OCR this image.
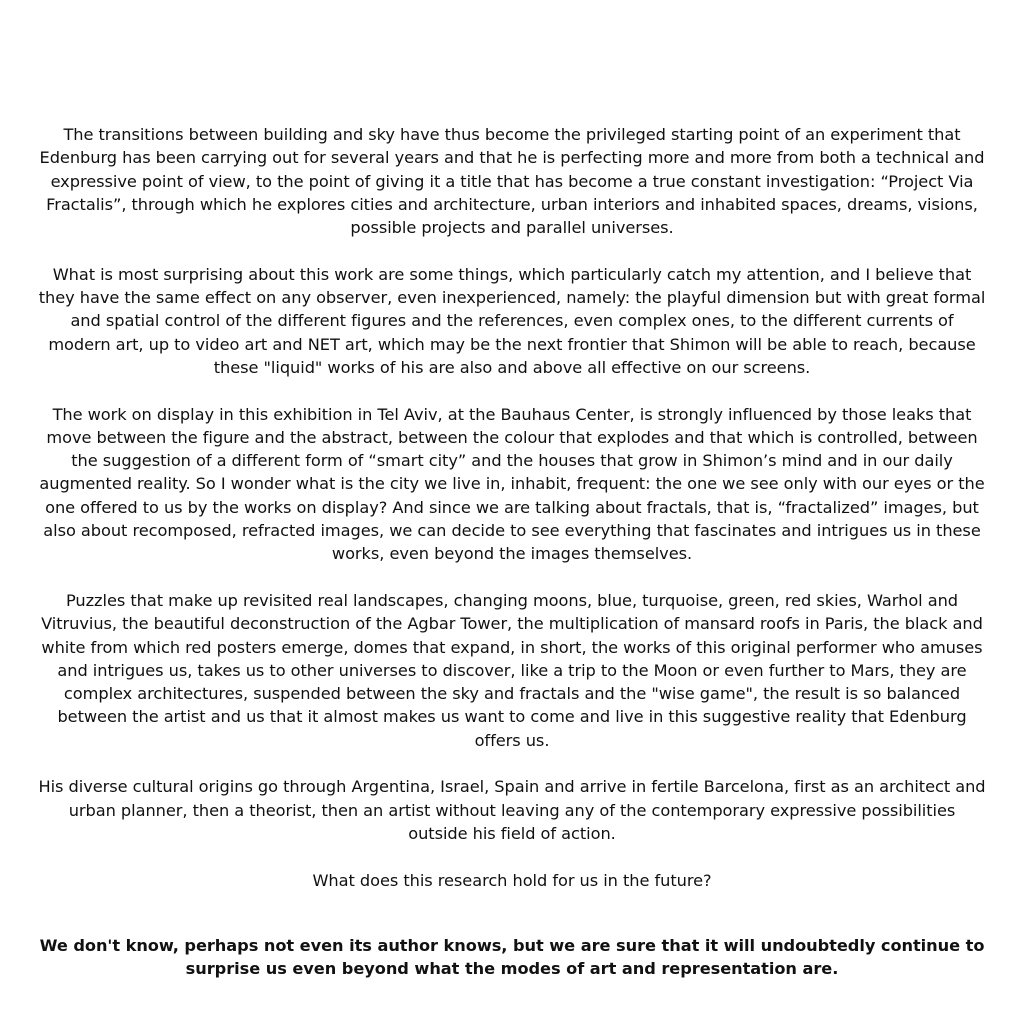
The transitions between building and sky have thus become the privileged starting point of an experiment that Edenburg has been carrying out for several years and that he is perfecting more and more from both a technical and expressive point of view, to the point of giving it a title that has become a true constant investigation: “Project Via Fractalis”, through which he explores cities and architecture, urban interiors and inhabited spaces, dreams, visions, possible projects and parallel universes.

What is most surprising about this work are some things, which particularly catch my attention, and I believe that they have the same effect on any observer, even inexperienced, namely: the playful dimension but with great formal and spatial control of the different figures and the references, even complex ones, to the different currents of modern art, up to video art and NET art, which may be the next frontier that Shimon will be able to reach, because these "liquid" works of his are also and above all effective on our screens.

The work on display in this exhibition in Tel Aviv, at the Bauhaus Center, is strongly influenced by those leaks that move between the figure and the abstract, between the colour that explodes and that which is controlled, between the suggestion of a different form of “smart city” and the houses that grow in Shimon’s mind and in our daily augmented reality. So I wonder what is the city we live in, inhabit, frequent: the one we see only with our eyes or the one offered to us by the works on display? And since we are talking about fractals, that is, “fractalized” images, but also about recomposed, refracted images, we can decide to see everything that fascinates and intrigues us in these works, even beyond the images themselves.

Puzzles that make up revisited real landscapes, changing moons, blue, turquoise, green, red skies, Warhol and Vitruvius, the beautiful deconstruction of the Agbar Tower, the multiplication of mansard roofs in Paris, the black and white from which red posters emerge, domes that expand, in short, the works of this original performer who amuses and intrigues us, takes us to other universes to discover, like a trip to the Moon or even further to Mars, they are complex architectures, suspended between the sky and fractals and the "wise game", the result is so balanced between the artist and us that it almost makes us want to come and live in this suggestive reality that Edenburg offers us.

His diverse cultural origins go through Argentina, Israel, Spain and arrive in fertile Barcelona, first as an architect and urban planner, then a theorist, then an artist without leaving any of the contemporary expressive possibilities outside his field of action.

What does this research hold for us in the future?

We don't know, perhaps not even its author knows, but we are sure that it will undoubtedly continue to surprise us even beyond what the modes of art and representation are.
